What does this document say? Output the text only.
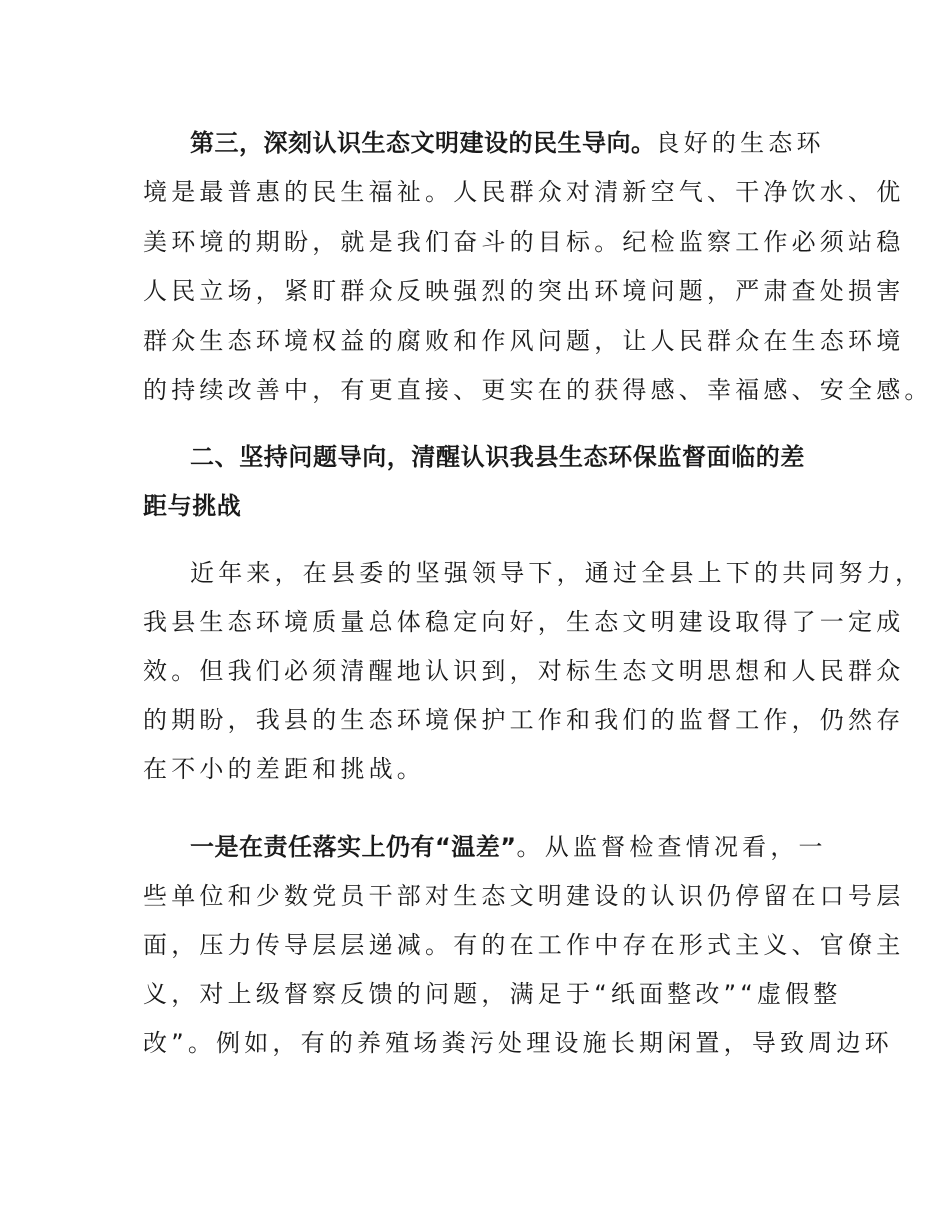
第三，深刻认识生态文明建设的民生导向。良好的生态环
境是最普惠的民生福祉。人民群众对清新空气、干净饮水、优
美环境的期盼，就是我们奋斗的目标。纪检监察工作必须站稳
人民立场，紧盯群众反映强烈的突出环境问题，严肃查处损害
群众生态环境权益的腐败和作风问题，让人民群众在生态环境
的持续改善中，有更直接、更实在的获得感、幸福感、安全感。
二、坚持问题导向，清醒认识我县生态环保监督面临的差
距与挑战
近年来，在县委的坚强领导下，通过全县上下的共同努力，
我县生态环境质量总体稳定向好，生态文明建设取得了一定成
效。但我们必须清醒地认识到，对标生态文明思想和人民群众
的期盼，我县的生态环境保护工作和我们的监督工作，仍然存
在不小的差距和挑战。
一是在责任落实上仍有“温差”。从监督检查情况看，一
些单位和少数党员干部对生态文明建设的认识仍停留在口号层
面，压力传导层层递减。有的在工作中存在形式主义、官僚主
义，对上级督察反馈的问题，满足于“纸面整改”“虚假整
改”。例如，有的养殖场粪污处理设施长期闲置，导致周边环
